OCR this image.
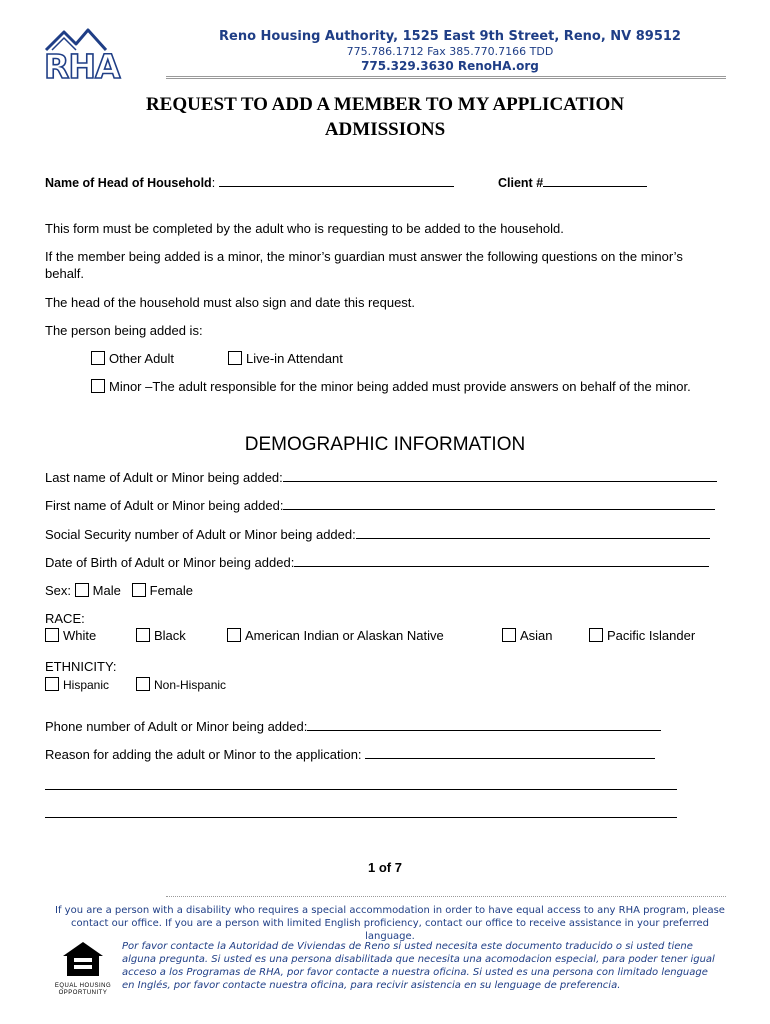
RHA
Reno Housing Authority, 1525 East 9th Street, Reno, NV 89512
775.786.1712 Fax 385.770.7166 TDD
775.329.3630 RenoHA.org
REQUEST TO ADD A MEMBER TO MY APPLICATION
ADMISSIONS
Name of Head of Household:	Client #
This form must be completed by the adult who is requesting to be added to the household.
If the member being added is a minor, the minor’s guardian must answer the following questions on the minor’s
behalf.
The head of the household must also sign and date this request.
The person being added is:
Other Adult	Live-in Attendant
Minor –The adult responsible for the minor being added must provide answers on behalf of the minor.
DEMOGRAPHIC INFORMATION
Last name of Adult or Minor being added:
First name of Adult or Minor being added:
Social Security number of Adult or Minor being added:
Date of Birth of Adult or Minor being added:
Sex: Male Female
RACE:
White	Black	American Indian or Alaskan Native	Asian	Pacific Islander
ETHNICITY:
Hispanic	Non-Hispanic
Phone number of Adult or Minor being added:
Reason for adding the adult or Minor to the application:
1 of 7
If you are a person with a disability who requires a special accommodation in order to have equal access to any RHA program, please contact our office. If you are a person with limited English proficiency, contact our office to receive assistance in your preferred language.
EQUAL HOUSING
OPPORTUNITY
Por favor contacte la Autoridad de Viviendas de Reno si usted necesita este documento traducido o si usted tiene alguna pregunta. Si usted es una persona disabilitada que necesita una acomodacion especial, para poder tener igual acceso a los Programas de RHA, por favor contacte a nuestra oficina. Si usted es una persona con limitado lenguage en Inglés, por favor contacte nuestra oficina, para recivir asistencia en su lenguage de preferencia.
